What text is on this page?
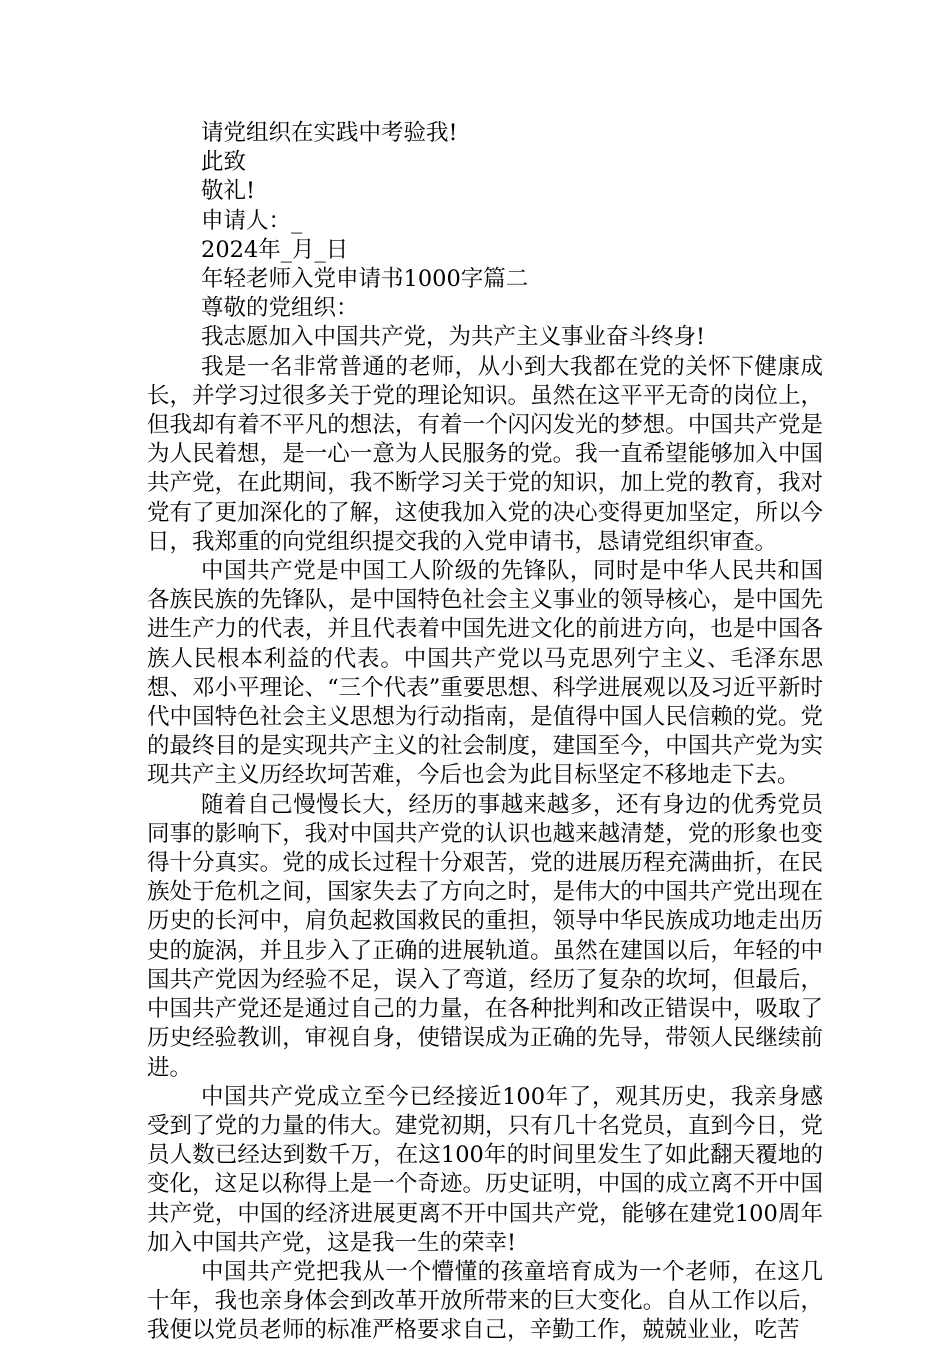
请党组织在实践中考验我!

此致

敬礼!

申请人：_

2024年_月_日

年轻老师入党申请书1000字篇二

尊敬的党组织：

我志愿加入中国共产党，为共产主义事业奋斗终身!

我是一名非常普通的老师，从小到大我都在党的关怀下健康成长，并学习过很多关于党的理论知识。虽然在这平平无奇的岗位上，但我却有着不平凡的想法，有着一个闪闪发光的梦想。中国共产党是为人民着想，是一心一意为人民服务的党。我一直希望能够加入中国共产党，在此期间，我不断学习关于党的知识，加上党的教育，我对党有了更加深化的了解，这使我加入党的决心变得更加坚定，所以今日，我郑重的向党组织提交我的入党申请书，恳请党组织审查。

中国共产党是中国工人阶级的先锋队，同时是中华人民共和国各族民族的先锋队，是中国特色社会主义事业的领导核心，是中国先进生产力的代表，并且代表着中国先进文化的前进方向，也是中国各族人民根本利益的代表。中国共产党以马克思列宁主义、毛泽东思想、邓小平理论、“三个代表”重要思想、科学进展观以及习近平新时代中国特色社会主义思想为行动指南，是值得中国人民信赖的党。党的最终目的是实现共产主义的社会制度，建国至今，中国共产党为实现共产主义历经坎坷苦难，今后也会为此目标坚定不移地走下去。

随着自己慢慢长大，经历的事越来越多，还有身边的优秀党员同事的影响下，我对中国共产党的认识也越来越清楚，党的形象也变得十分真实。党的成长过程十分艰苦，党的进展历程充满曲折，在民族处于危机之间，国家失去了方向之时，是伟大的中国共产党出现在历史的长河中，肩负起救国救民的重担，领导中华民族成功地走出历史的旋涡，并且步入了正确的进展轨道。虽然在建国以后，年轻的中国共产党因为经验不足，误入了弯道，经历了复杂的坎坷，但最后，中国共产党还是通过自己的力量，在各种批判和改正错误中，吸取了历史经验教训，审视自身，使错误成为正确的先导，带领人民继续前进。

中国共产党成立至今已经接近100年了，观其历史，我亲身感受到了党的力量的伟大。建党初期，只有几十名党员，直到今日，党员人数已经达到数千万，在这100年的时间里发生了如此翻天覆地的变化，这足以称得上是一个奇迹。历史证明，中国的成立离不开中国共产党，中国的经济进展更离不开中国共产党，能够在建党100周年加入中国共产党，这是我一生的荣幸!

中国共产党把我从一个懵懂的孩童培育成为一个老师，在这几十年，我也亲身体会到改革开放所带来的巨大变化。自从工作以后，我便以党员老师的标准严格要求自己，辛勤工作，兢兢业业，吃苦
